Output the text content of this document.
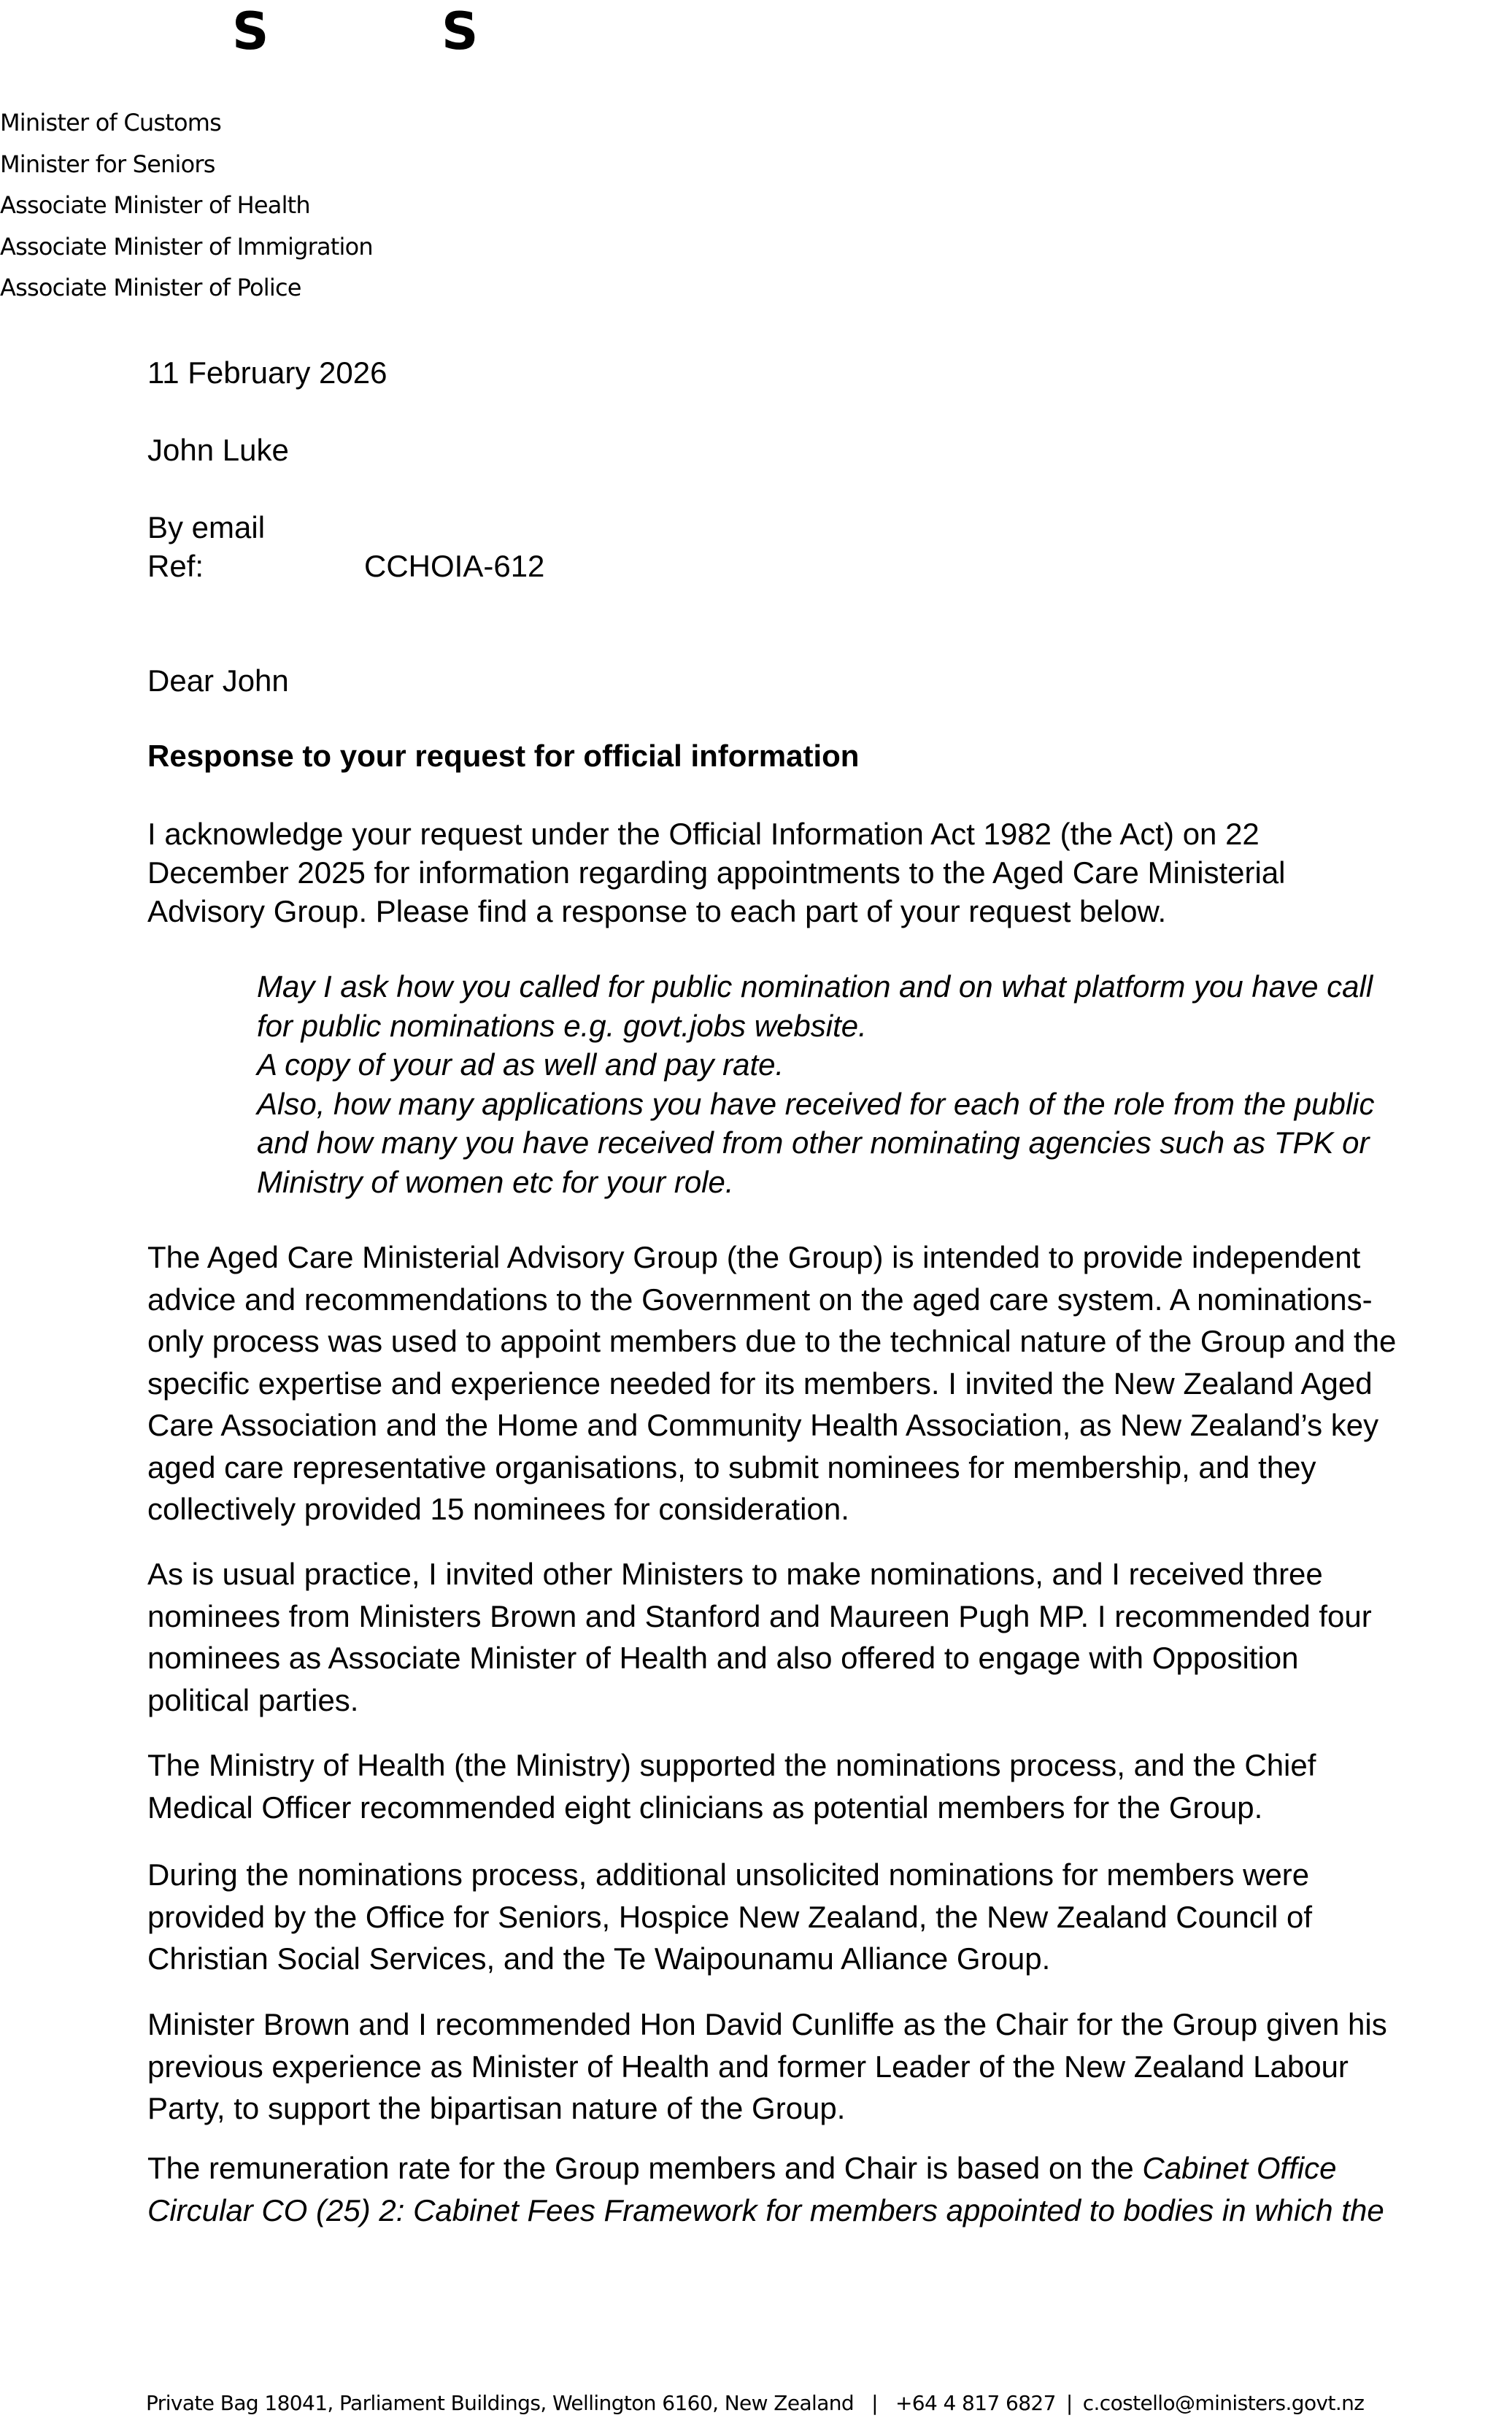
S	S
Minister of Customs
Minister for Seniors
Associate Minister of Health
Associate Minister of Immigration
Associate Minister of Police
11 February 2026
John Luke
By email
Ref:	CCHOIA-612
Dear John
Response to your request for official information
I acknowledge your request under the Official Information Act 1982 (the Act) on 22
December 2025 for information regarding appointments to the Aged Care Ministerial
Advisory Group. Please find a response to each part of your request below.
May I ask how you called for public nomination and on what platform you have call
for public nominations e.g. govt.jobs website.
A copy of your ad as well and pay rate.
Also, how many applications you have received for each of the role from the public
and how many you have received from other nominating agencies such as TPK or
Ministry of women etc for your role.
The Aged Care Ministerial Advisory Group (the Group) is intended to provide independent
advice and recommendations to the Government on the aged care system. A nominations-
only process was used to appoint members due to the technical nature of the Group and the
specific expertise and experience needed for its members. I invited the New Zealand Aged
Care Association and the Home and Community Health Association, as New Zealand’s key
aged care representative organisations, to submit nominees for membership, and they
collectively provided 15 nominees for consideration.
As is usual practice, I invited other Ministers to make nominations, and I received three
nominees from Ministers Brown and Stanford and Maureen Pugh MP. I recommended four
nominees as Associate Minister of Health and also offered to engage with Opposition
political parties.
The Ministry of Health (the Ministry) supported the nominations process, and the Chief
Medical Officer recommended eight clinicians as potential members for the Group.
During the nominations process, additional unsolicited nominations for members were
provided by the Office for Seniors, Hospice New Zealand, the New Zealand Council of
Christian Social Services, and the Te Waipounamu Alliance Group.
Minister Brown and I recommended Hon David Cunliffe as the Chair for the Group given his
previous experience as Minister of Health and former Leader of the New Zealand Labour
Party, to support the bipartisan nature of the Group.
The remuneration rate for the Group members and Chair is based on the Cabinet Office
Circular CO (25) 2: Cabinet Fees Framework for members appointed to bodies in which the
Private Bag 18041, Parliament Buildings, Wellington 6160, New Zealand | +64 4 817 6827 | c.costello@ministers.govt.nz
